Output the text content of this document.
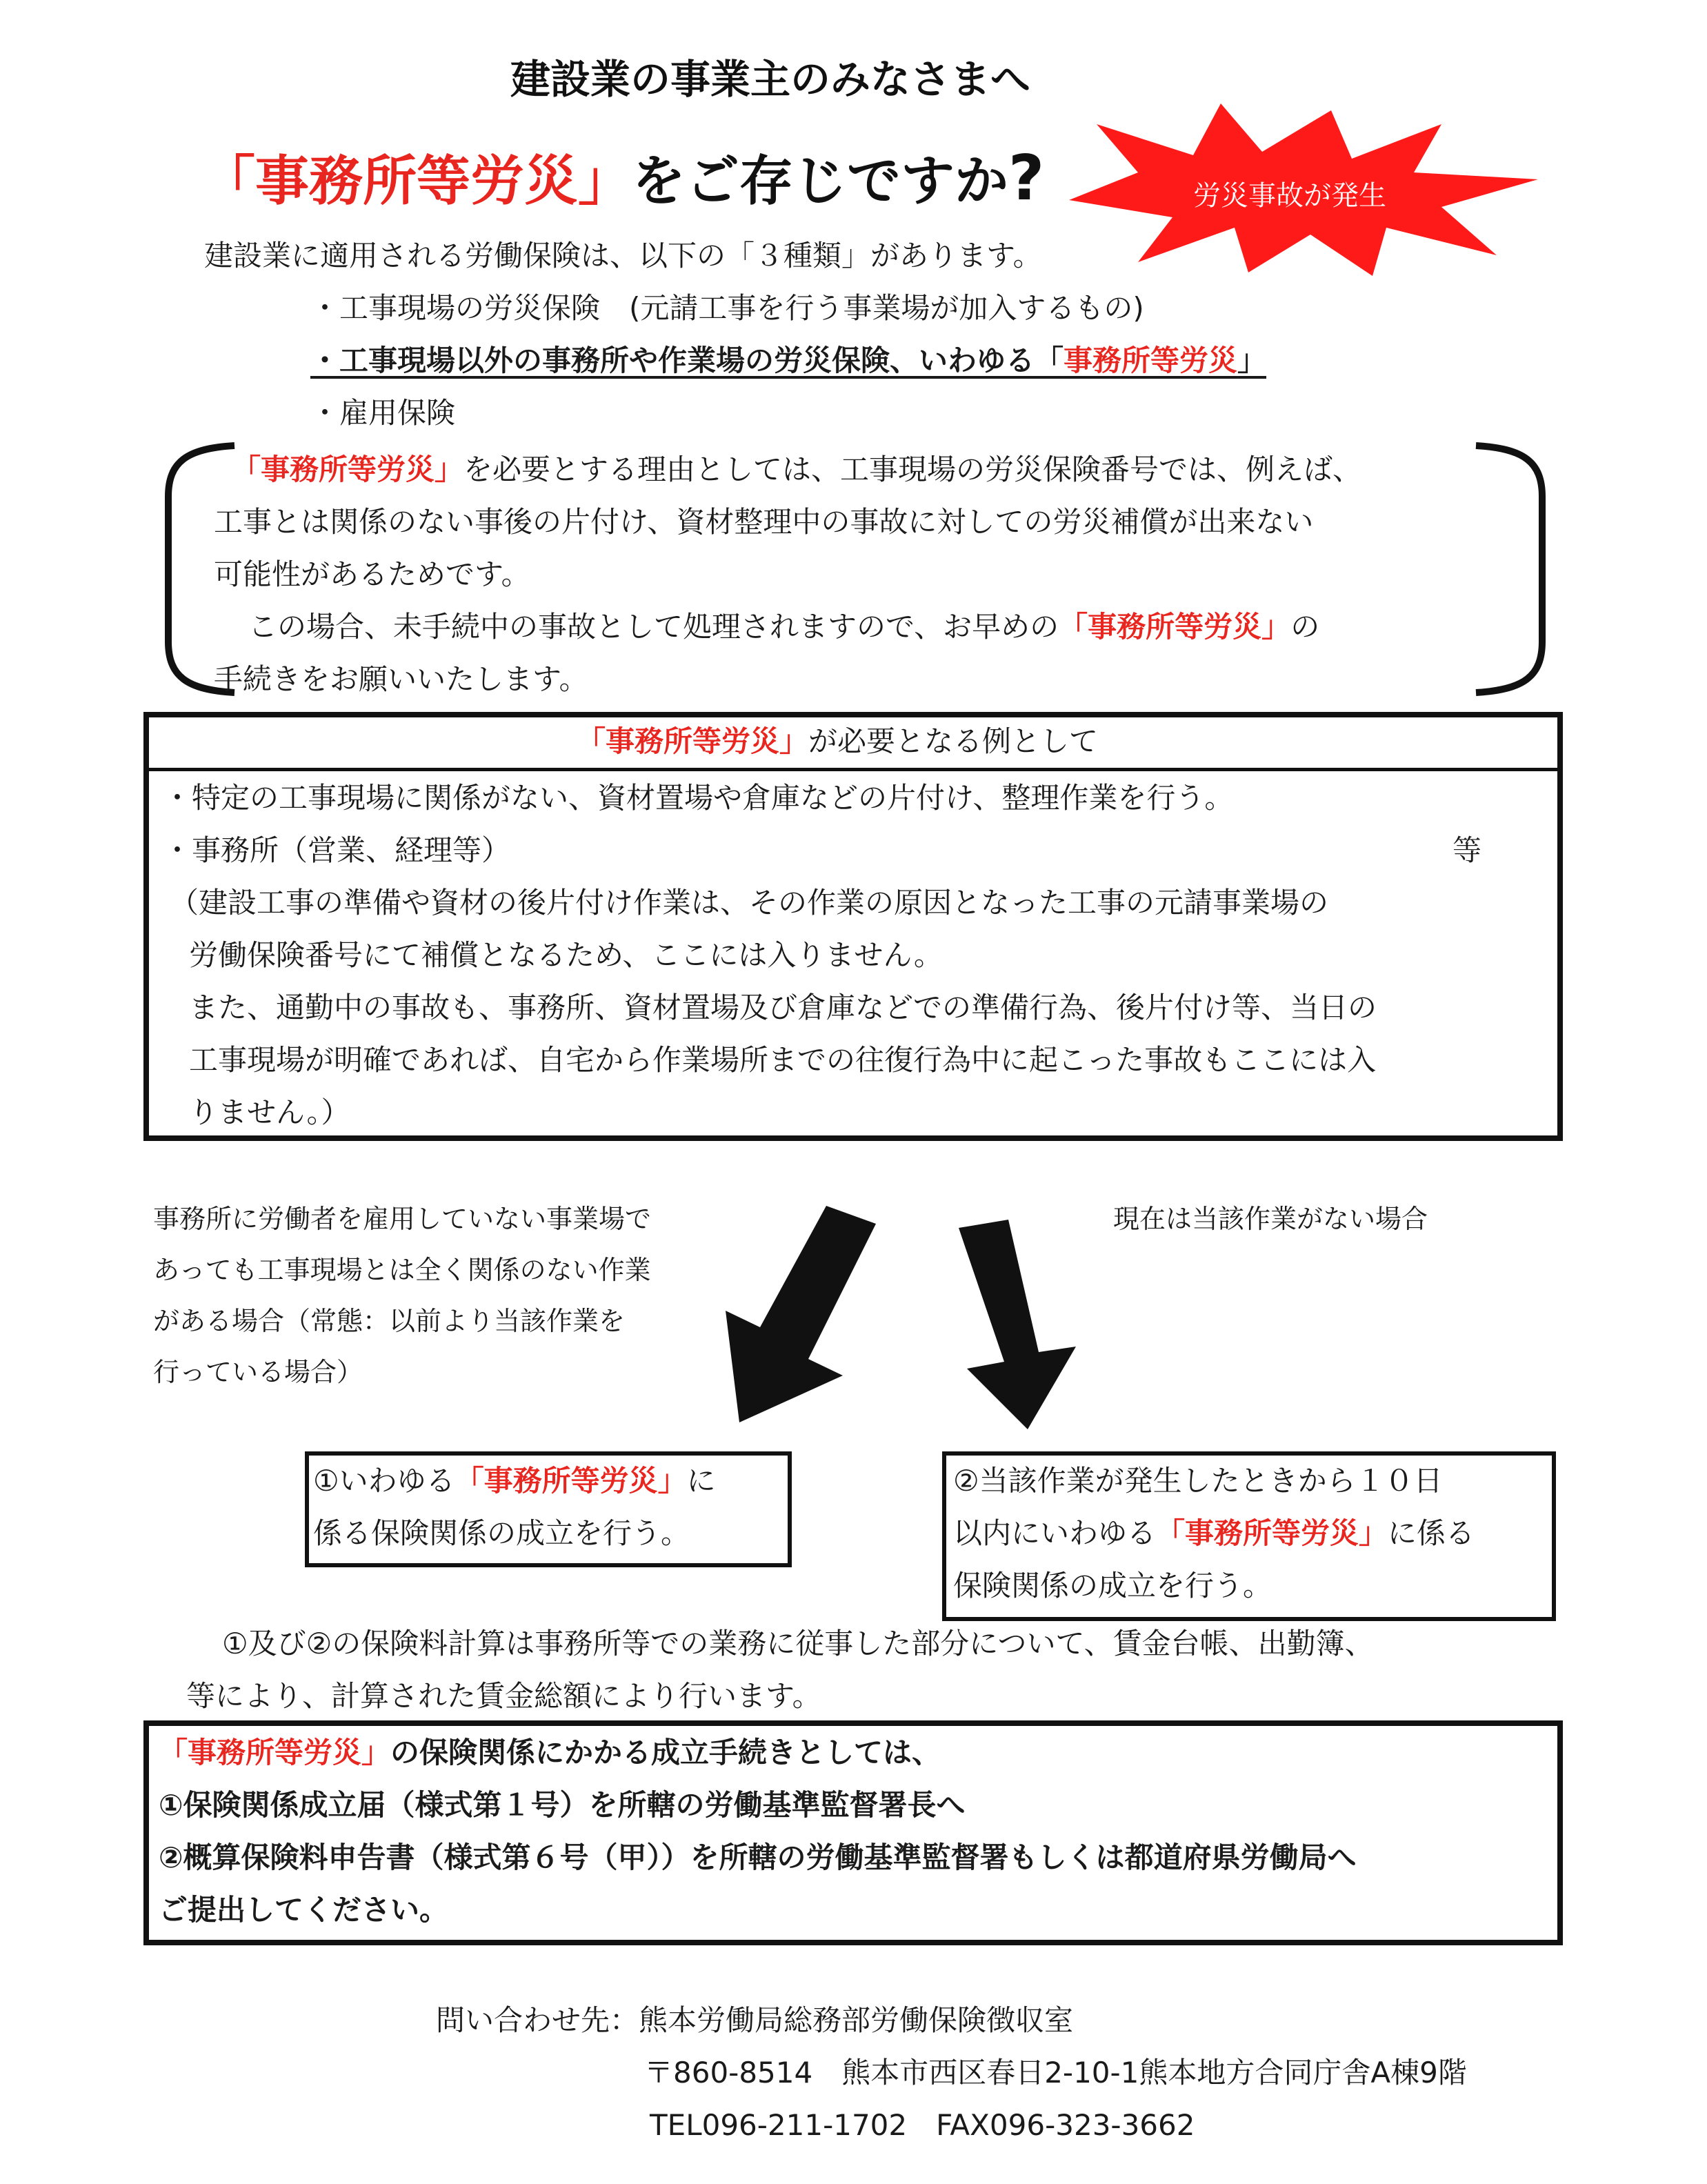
建設業の事業主のみなさまへ
「事務所等労災」をご存じですか?	労災事故が発生
建設業に適用される労働保険は、以下の「３種類」があります。
・工事現場の労災保険　(元請工事を行う事業場が加入するもの)
・工事現場以外の事務所や作業場の労災保険、いわゆる「事務所等労災」
・雇用保険
「事務所等労災」を必要とする理由としては、工事現場の労災保険番号では、例えば、
工事とは関係のない事後の片付け、資材整理中の事故に対しての労災補償が出来ない
可能性があるためです。
この場合、未手続中の事故として処理されますので、お早めの「事務所等労災」の
手続きをお願いいたします。
「事務所等労災」が必要となる例として
・特定の工事現場に関係がない、資材置場や倉庫などの片付け、整理作業を行う。
・事務所（営業、経理等）	等
（建設工事の準備や資材の後片付け作業は、その作業の原因となった工事の元請事業場の
労働保険番号にて補償となるため、ここには入りません。
また、通勤中の事故も、事務所、資材置場及び倉庫などでの準備行為、後片付け等、当日の
工事現場が明確であれば、自宅から作業場所までの往復行為中に起こった事故もここには入
りません。）
事務所に労働者を雇用していない事業場で
あっても工事現場とは全く関係のない作業
がある場合（常態：以前より当該作業を
行っている場合）
現在は当該作業がない場合
①いわゆる「事務所等労災」に
係る保険関係の成立を行う。
②当該作業が発生したときから１０日
以内にいわゆる「事務所等労災」に係る
保険関係の成立を行う。
①及び②の保険料計算は事務所等での業務に従事した部分について、賃金台帳、出勤簿、
等により、計算された賃金総額により行います。
「事務所等労災」の保険関係にかかる成立手続きとしては、
①保険関係成立届（様式第１号）を所轄の労働基準監督署長へ
②概算保険料申告書（様式第６号（甲））を所轄の労働基準監督署もしくは都道府県労働局へ
ご提出してください。
問い合わせ先：熊本労働局総務部労働保険徴収室
〒860-8514　熊本市西区春日2-10-1熊本地方合同庁舎A棟9階
TEL096-211-1702　FAX096-323-3662
